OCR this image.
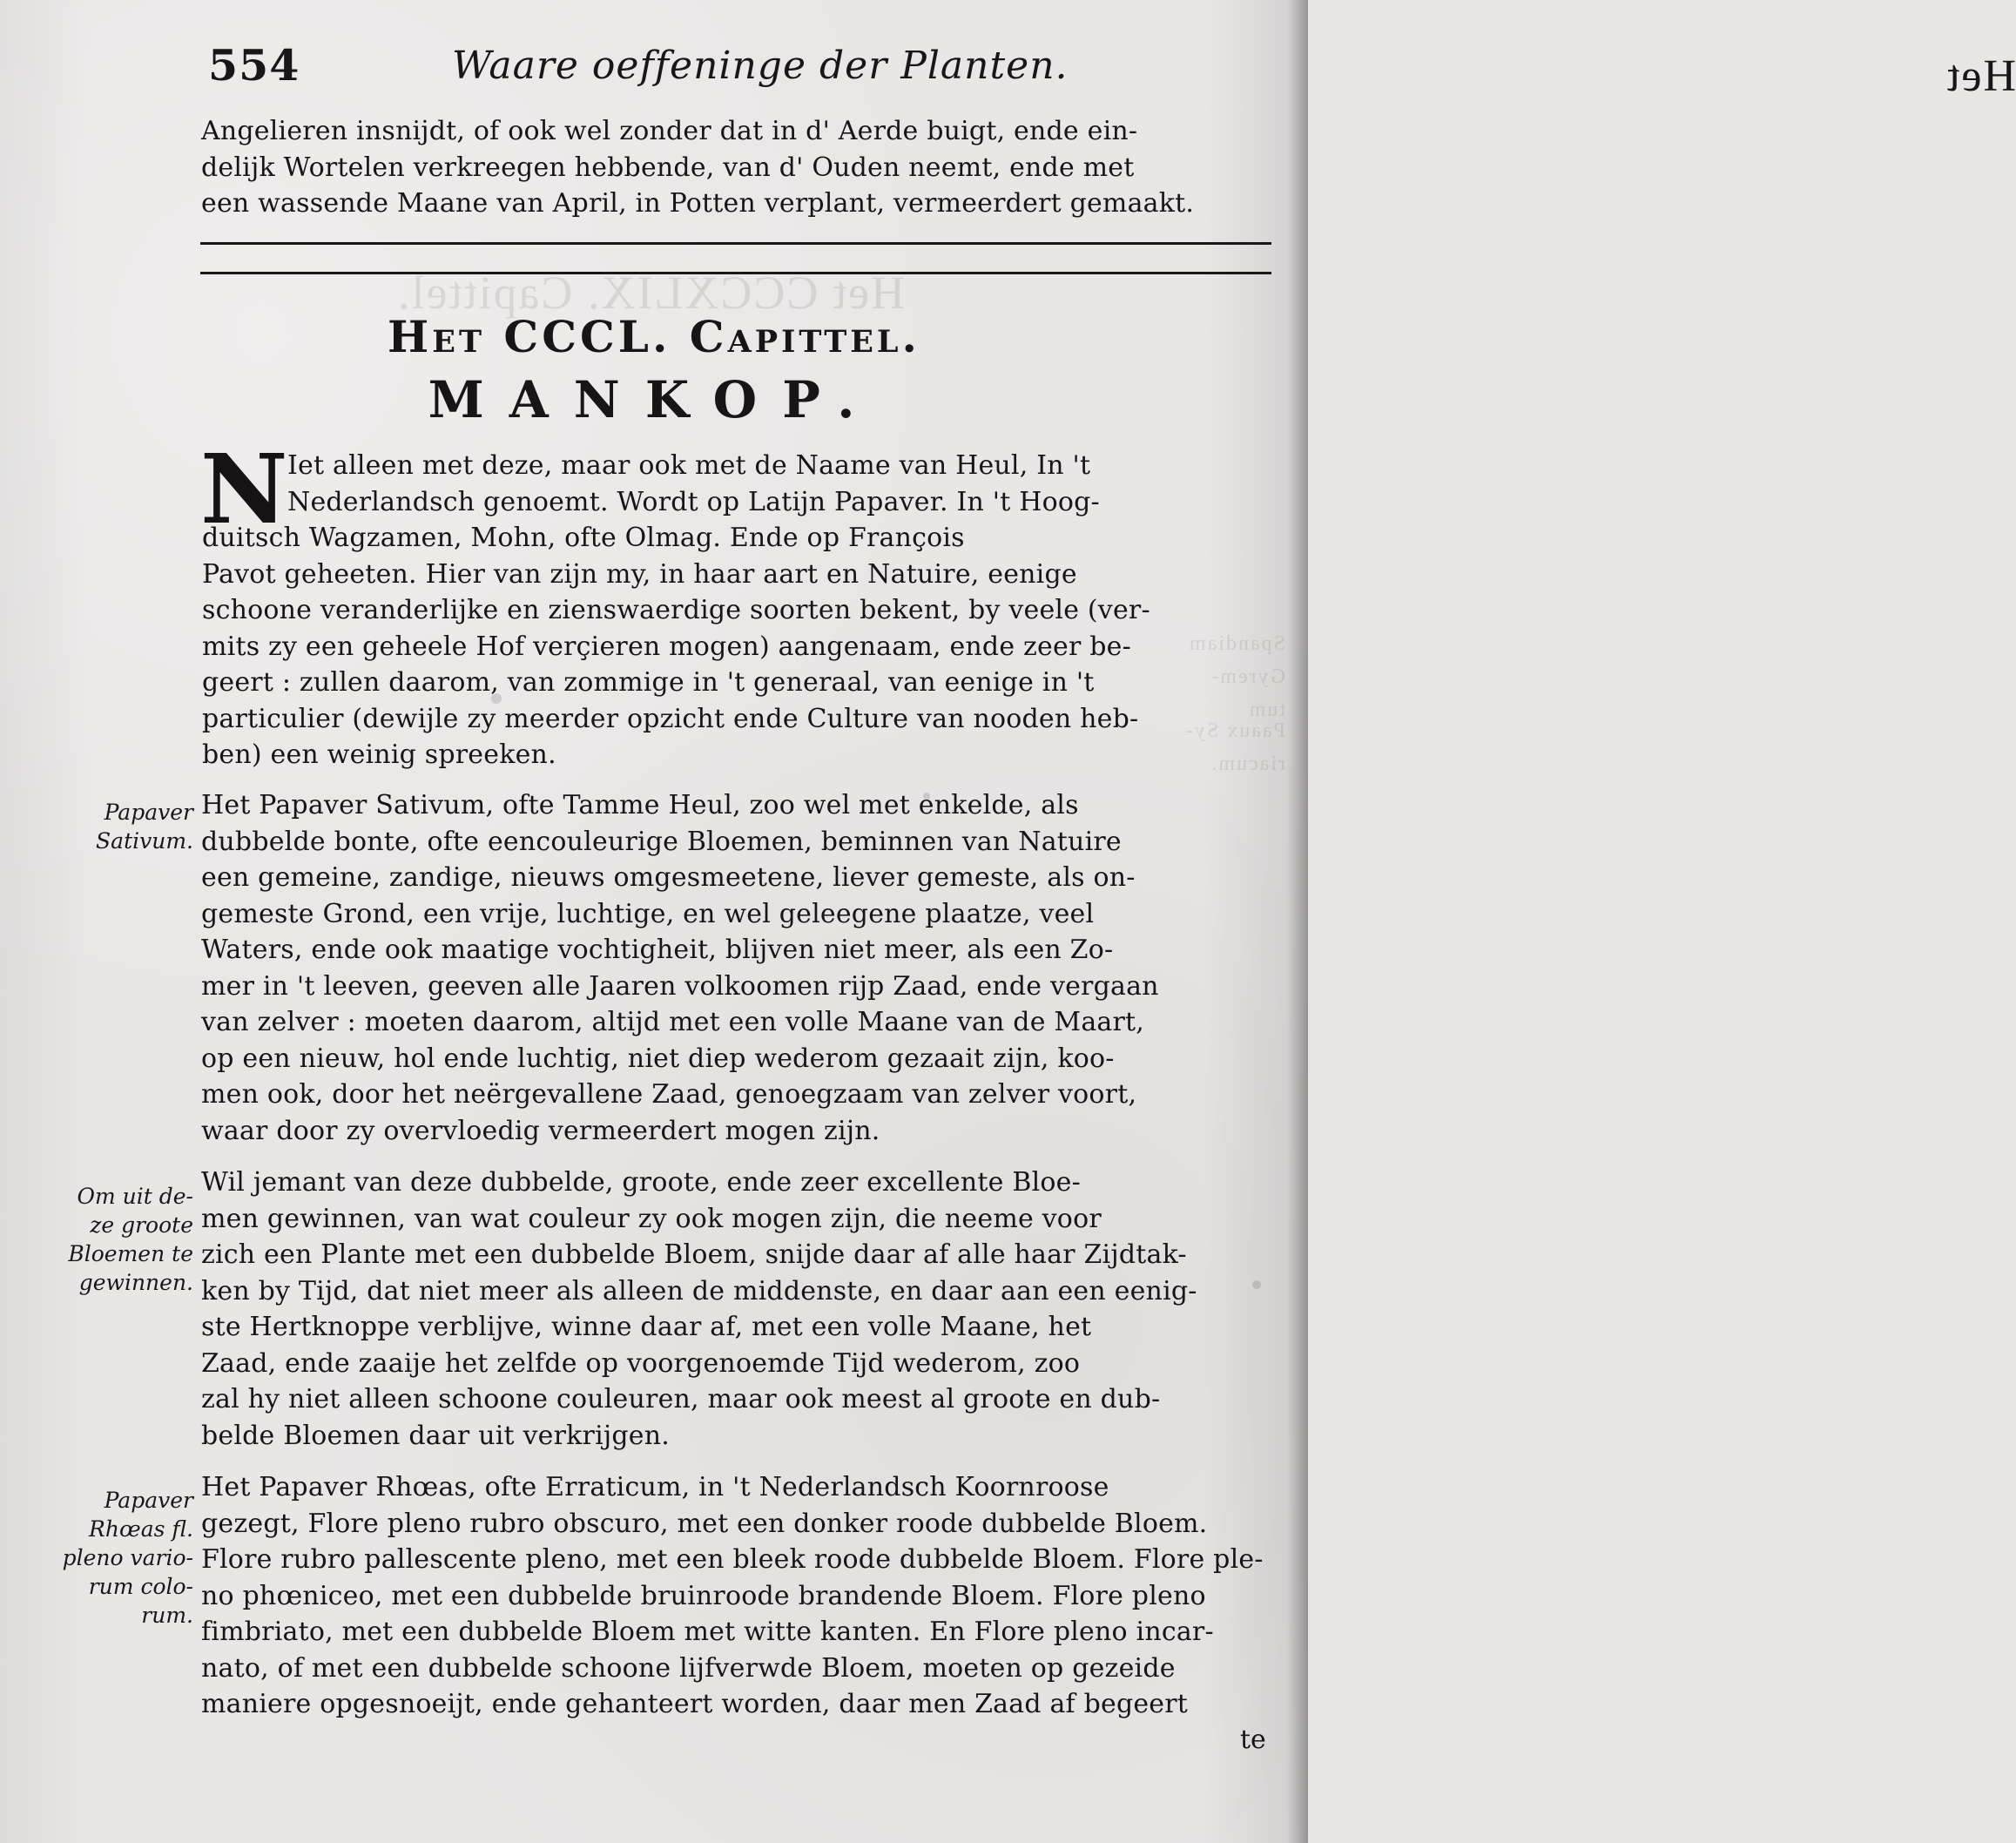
Het
Het CCCXLIX. Capittel.
Spandiam Gyrem- tum
Paaux Sy- riacum.
554	Waare oeffeninge der Planten.
Angelieren insnijdt, of ook wel zonder dat in d' Aerde buigt, ende ein-
delijk Wortelen verkreegen hebbende, van d' Ouden neemt, ende met
een wassende Maane van April, in Potten verplant, vermeerdert gemaakt.
Het CCCL. Capittel.
MANKOP.
N Iet alleen met deze, maar ook met de Naame van Heul, In 't
Nederlandsch genoemt. Wordt op Latijn Papaver. In 't Hoog-
duitsch Wagzamen, Mohn, ofte Olmag. Ende op François
Pavot geheeten. Hier van zijn my, in haar aart en Natuire, eenige
schoone veranderlijke en zienswaerdige soorten bekent, by veele (ver-
mits zy een geheele Hof verçieren mogen) aangenaam, ende zeer be-
geert : zullen daarom, van zommige in 't generaal, van eenige in 't
particulier (dewijle zy meerder opzicht ende Culture van nooden heb-
ben) een weinig spreeken.
Papaver
Sativum.
Het Papaver Sativum, ofte Tamme Heul, zoo wel met enkelde, als
dubbelde bonte, ofte eencouleurige Bloemen, beminnen van Natuire
een gemeine, zandige, nieuws omgesmeetene, liever gemeste, als on-
gemeste Grond, een vrije, luchtige, en wel geleegene plaatze, veel
Waters, ende ook maatige vochtigheit, blijven niet meer, als een Zo-
mer in 't leeven, geeven alle Jaaren volkoomen rijp Zaad, ende vergaan
van zelver : moeten daarom, altijd met een volle Maane van de Maart,
op een nieuw, hol ende luchtig, niet diep wederom gezaait zijn, koo-
men ook, door het neërgevallene Zaad, genoegzaam van zelver voort,
waar door zy overvloedig vermeerdert mogen zijn.
Om uit de-
ze groote
Bloemen te
gewinnen.
Wil jemant van deze dubbelde, groote, ende zeer excellente Bloe-
men gewinnen, van wat couleur zy ook mogen zijn, die neeme voor
zich een Plante met een dubbelde Bloem, snijde daar af alle haar Zijdtak-
ken by Tijd, dat niet meer als alleen de middenste, en daar aan een eenig-
ste Hertknoppe verblijve, winne daar af, met een volle Maane, het
Zaad, ende zaaije het zelfde op voorgenoemde Tijd wederom, zoo
zal hy niet alleen schoone couleuren, maar ook meest al groote en dub-
belde Bloemen daar uit verkrijgen.
Papaver
Rhœas fl.
pleno vario-
rum colo-
rum.
Het Papaver Rhœas, ofte Erraticum, in 't Nederlandsch Koornroose
gezegt, Flore pleno rubro obscuro, met een donker roode dubbelde Bloem.
Flore rubro pallescente pleno, met een bleek roode dubbelde Bloem. Flore ple-
no phœniceo, met een dubbelde bruinroode brandende Bloem. Flore pleno
fimbriato, met een dubbelde Bloem met witte kanten. En Flore pleno incar-
nato, of met een dubbelde schoone lijfverwde Bloem, moeten op gezeide
maniere opgesnoeijt, ende gehanteert worden, daar men Zaad af begeert
te
